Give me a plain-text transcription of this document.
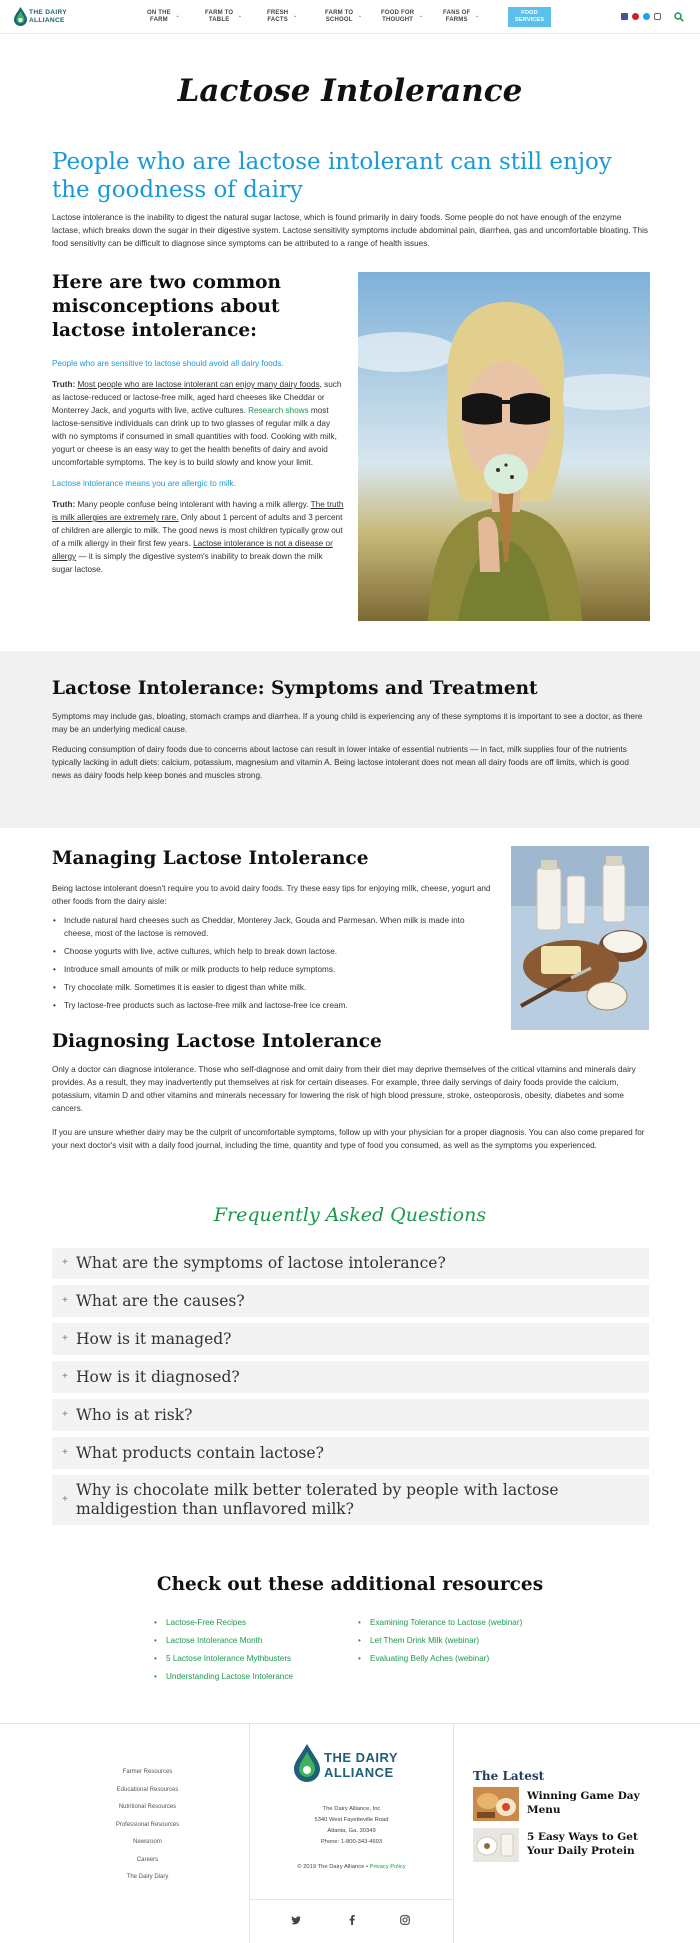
THE DAIRY
ALLIANCE
ON THE
FARM
⌄	FARM TO
TABLE
⌄	FRESH
FACTS
⌄	FARM TO
SCHOOL
⌄	FOOD FOR
THOUGHT
⌄	FANS OF
FARMS
⌄	FOOD
SERVICES
Lactose Intolerance
People who are lactose intolerant can still enjoy the goodness of dairy
Lactose intolerance is the inability to digest the natural sugar lactose, which is found primarily in dairy foods. Some people do not have enough of the enzyme lactase, which breaks down the sugar in their digestive system. Lactose sensitivity symptoms include abdominal pain, diarrhea, gas and uncomfortable bloating. This food sensitivity can be difficult to diagnose since symptoms can be attributed to a range of health issues.
Here are two common misconceptions about lactose intolerance:
People who are sensitive to lactose should avoid all dairy foods.
Truth: Most people who are lactose intolerant can enjoy many dairy foods, such as lactose-reduced or lactose-free milk, aged hard cheeses like Cheddar or Monterrey Jack, and yogurts with live, active cultures. Research shows most lactose-sensitive individuals can drink up to two glasses of regular milk a day with no symptoms if consumed in small quantities with food. Cooking with milk, yogurt or cheese is an easy way to get the health benefits of dairy and avoid uncomfortable symptoms. The key is to build slowly and know your limit.
Lactose intolerance means you are allergic to milk.
Truth: Many people confuse being intolerant with having a milk allergy. The truth is milk allergies are extremely rare. Only about 1 percent of adults and 3 percent of children are allergic to milk. The good news is most children typically grow out of a milk allergy in their first few years. Lactose intolerance is not a disease or allergy — it is simply the digestive system's inability to break down the milk sugar lactose.
Lactose Intolerance: Symptoms and Treatment
Symptoms may include gas, bloating, stomach cramps and diarrhea. If a young child is experiencing any of these symptoms it is important to see a doctor, as there may be an underlying medical cause.
Reducing consumption of dairy foods due to concerns about lactose can result in lower intake of essential nutrients — in fact, milk supplies four of the nutrients typically lacking in adult diets: calcium, potassium, magnesium and vitamin A. Being lactose intolerant does not mean all dairy foods are off limits, which is good news as dairy foods help keep bones and muscles strong.
Managing Lactose Intolerance
Being lactose intolerant doesn't require you to avoid dairy foods. Try these easy tips for enjoying milk, cheese, yogurt and other foods from the dairy aisle:
• Include natural hard cheeses such as Cheddar, Monterey Jack, Gouda and Parmesan. When milk is made into cheese, most of the lactose is removed.
• Choose yogurts with live, active cultures, which help to break down lactose.
• Introduce small amounts of milk or milk products to help reduce symptoms.
• Try chocolate milk. Sometimes it is easier to digest than white milk.
• Try lactose-free products such as lactose-free milk and lactose-free ice cream.
Diagnosing Lactose Intolerance
Only a doctor can diagnose intolerance. Those who self-diagnose and omit dairy from their diet may deprive themselves of the critical vitamins and minerals dairy provides. As a result, they may inadvertently put themselves at risk for certain diseases. For example, three daily servings of dairy foods provide the calcium, potassium, vitamin D and other vitamins and minerals necessary for lowering the risk of high blood pressure, stroke, osteoporosis, obesity, diabetes and some cancers.
If you are unsure whether dairy may be the culprit of uncomfortable symptoms, follow up with your physician for a proper diagnosis. You can also come prepared for your next doctor's visit with a daily food journal, including the time, quantity and type of food you consumed, as well as the symptoms you experienced.
Frequently Asked Questions
+ What are the symptoms of lactose intolerance?
+ What are the causes?
+ How is it managed?
+ How is it diagnosed?
+ Who is at risk?
+ What products contain lactose?
+
Why is chocolate milk better tolerated by people with lactose maldigestion than unflavored milk?
Check out these additional resources
• Lactose-Free Recipes
• Lactose Intolerance Month
• 5 Lactose Intolerance Mythbusters
• Understanding Lactose Intolerance
• Examining Tolerance to Lactose (webinar)
• Let Them Drink Milk (webinar)
• Evaluating Belly Aches (webinar)
Farmer Resources
Educational Resources
Nutritional Resources
Professional Resources
Newsroom
Careers
The Dairy Diary
THE DAIRY
ALLIANCE
The Dairy Alliance, Inc
5340 West Fayetteville Road
Atlanta, Ga. 30349
Phone: 1-800-343-4693
© 2019 The Dairy Alliance • Privacy Policy
The Latest
Winning Game Day Menu
5 Easy Ways to Get Your Daily Protein
